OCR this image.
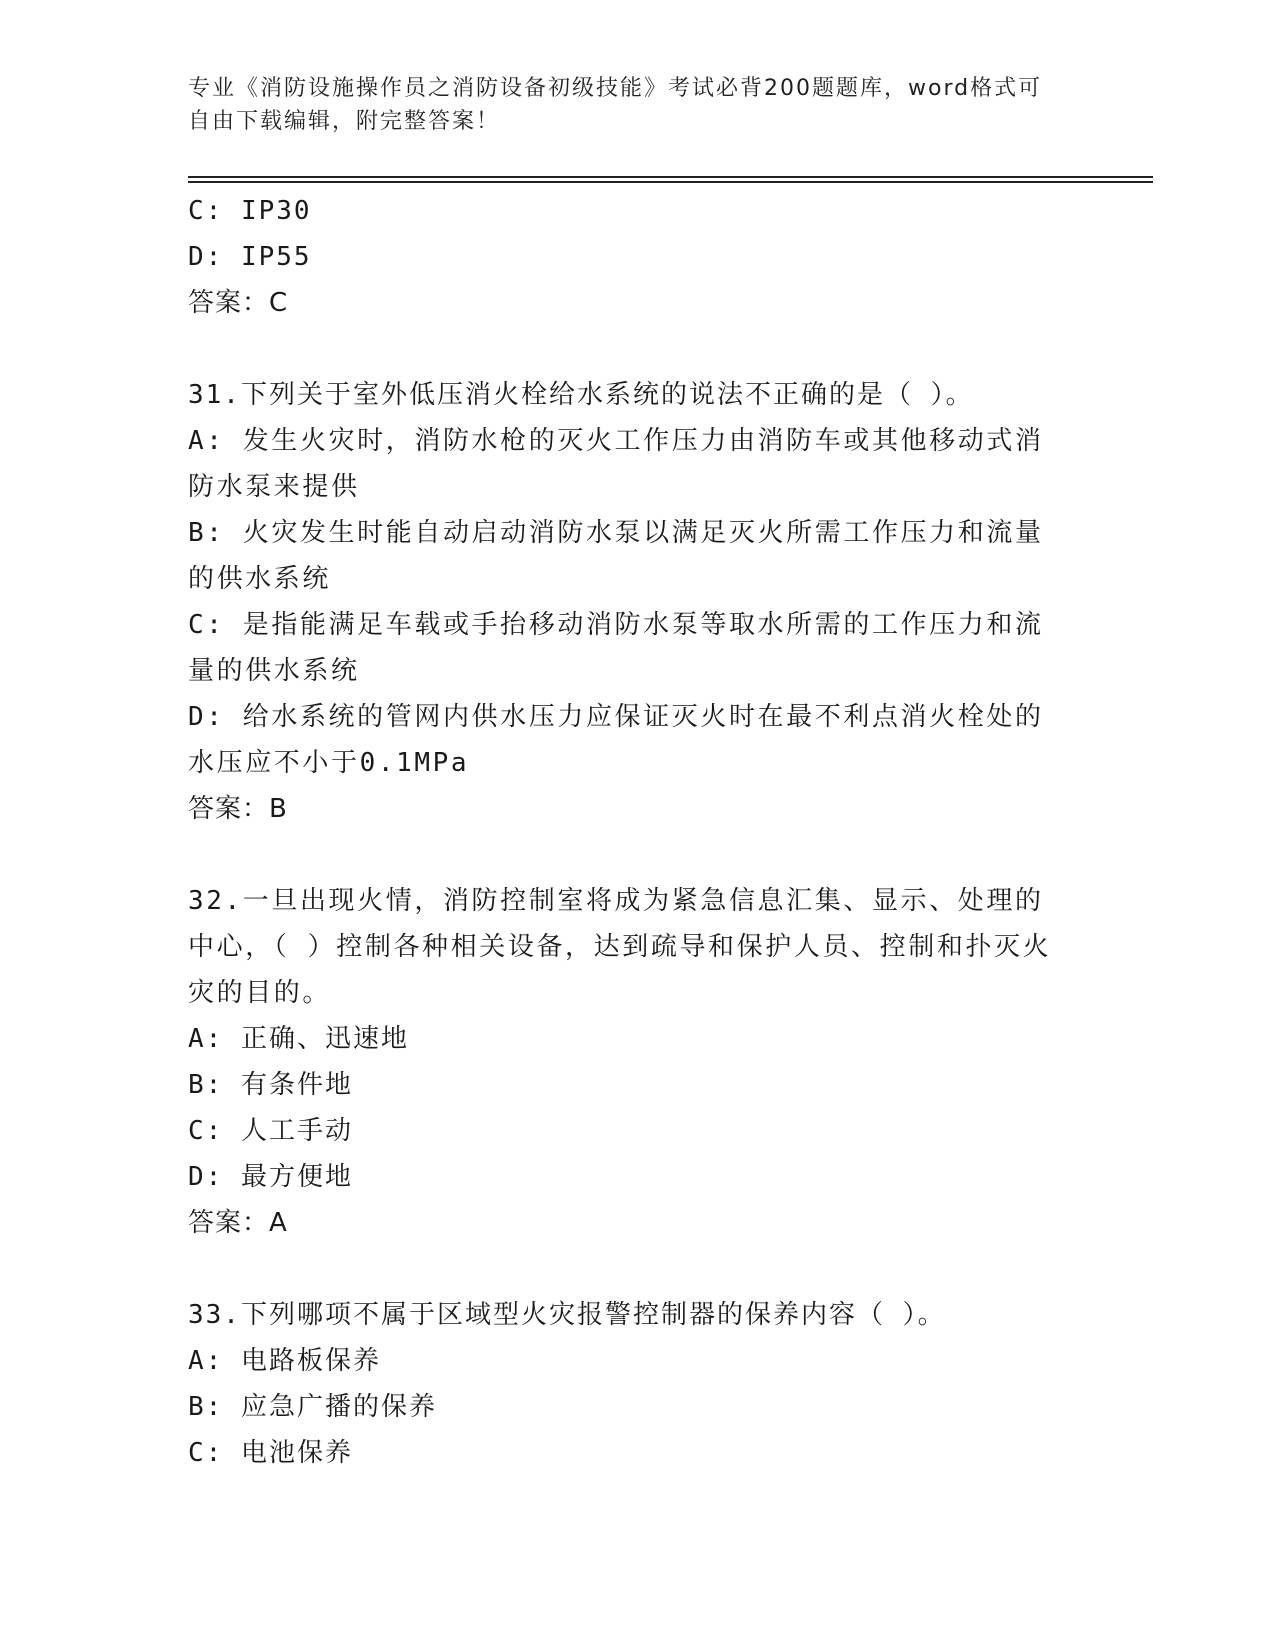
专业《消防设施操作员之消防设备初级技能》考试必背200题题库，word格式可
自由下载编辑，附完整答案！
C: IP30
D: IP55
答案：C
31.下列关于室外低压消火栓给水系统的说法不正确的是（ ）。
A: 发生火灾时，消防水枪的灭火工作压力由消防车或其他移动式消防水泵来提供
B: 火灾发生时能自动启动消防水泵以满足灭火所需工作压力和流量的供水系统
C: 是指能满足车载或手抬移动消防水泵等取水所需的工作压力和流量的供水系统
D: 给水系统的管网内供水压力应保证灭火时在最不利点消火栓处的水压应不小于0.1MPa
答案：B
32.一旦出现火情，消防控制室将成为紧急信息汇集、显示、处理的中心，（ ）控制各种相关设备，达到疏导和保护人员、控制和扑灭火灾的目的。
A: 正确、迅速地
B: 有条件地
C: 人工手动
D: 最方便地
答案：A
33.下列哪项不属于区域型火灾报警控制器的保养内容（ ）。
A: 电路板保养
B: 应急广播的保养
C: 电池保养
